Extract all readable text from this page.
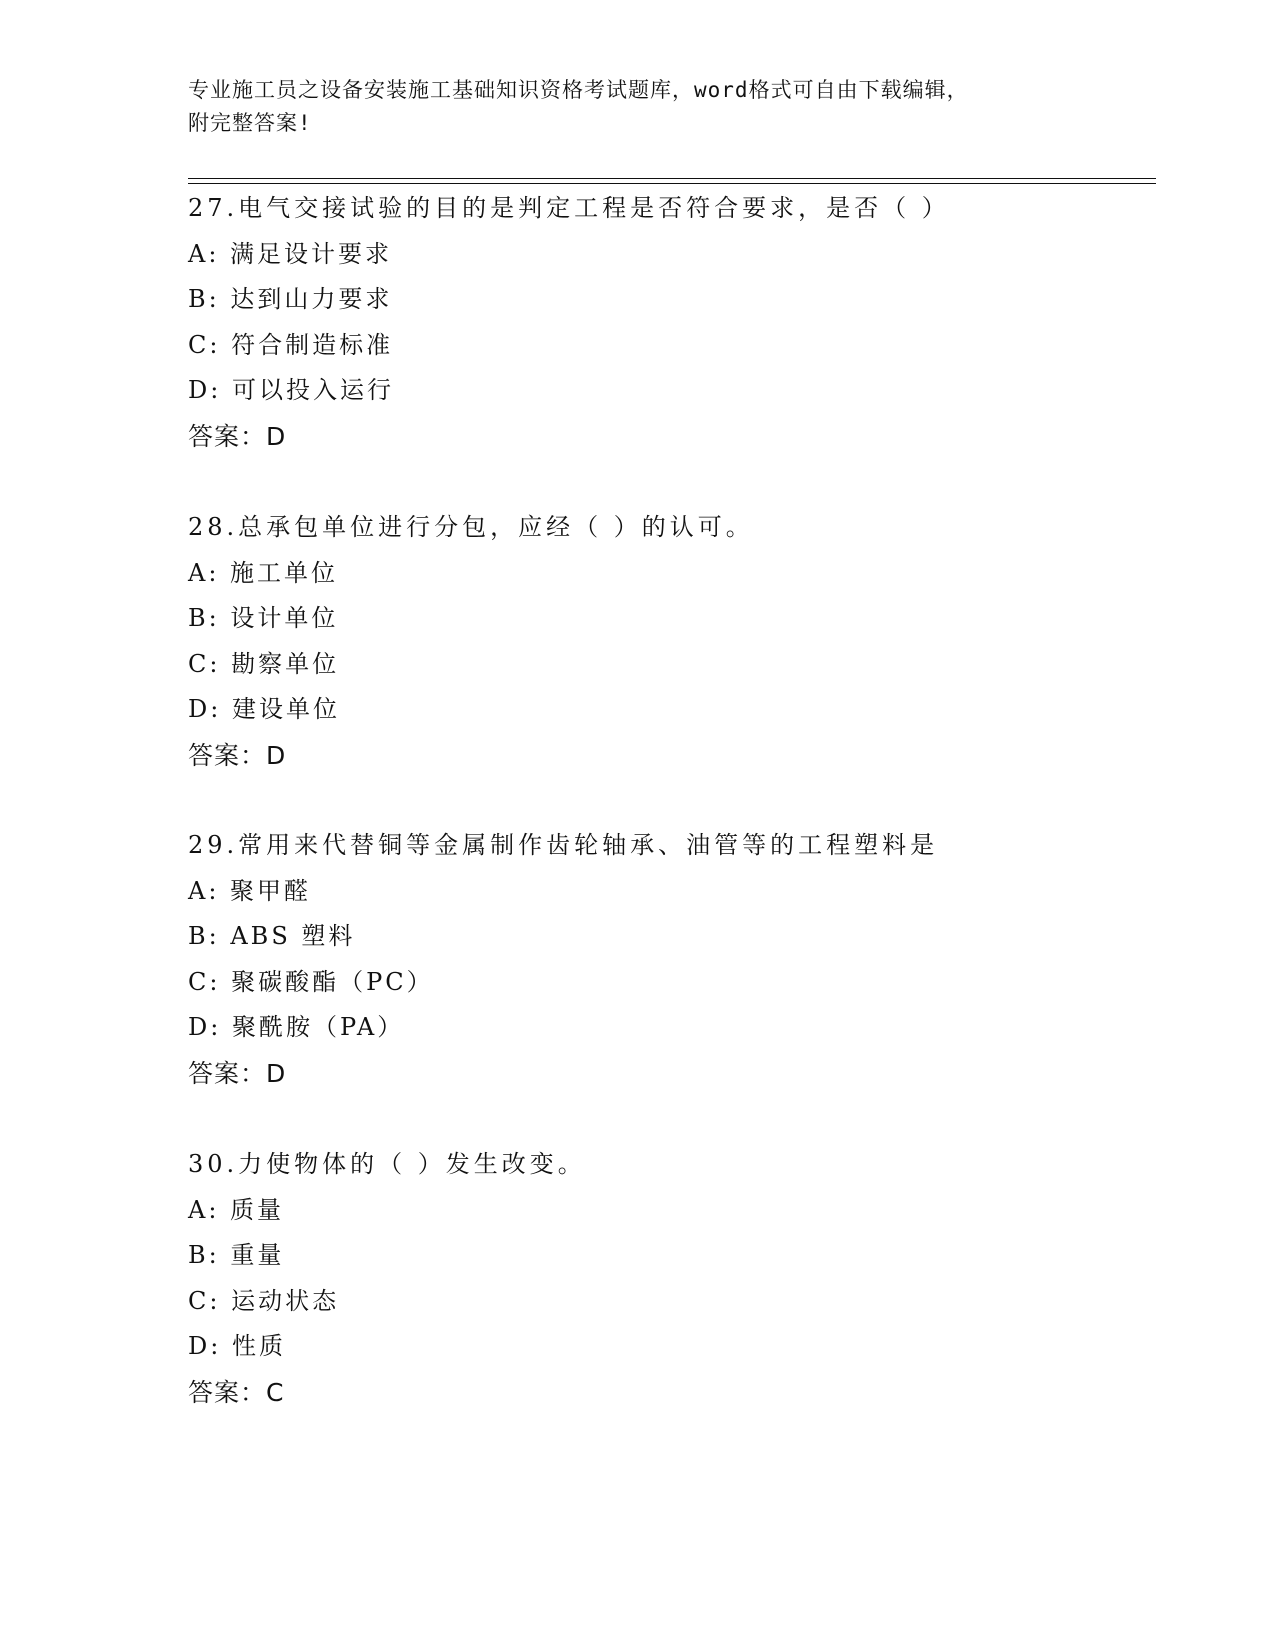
专业施工员之设备安装施工基础知识资格考试题库，word格式可自由下载编辑，
附完整答案!
27.电气交接试验的目的是判定工程是否符合要求，是否（ ）
A: 满足设计要求
B: 达到山力要求
C: 符合制造标准
D: 可以投入运行
答案：D
28.总承包单位进行分包，应经（ ）的认可。
A: 施工单位
B: 设计单位
C: 勘察单位
D: 建设单位
答案：D
29.常用来代替铜等金属制作齿轮轴承、油管等的工程塑料是
A: 聚甲醛
B: ABS 塑料
C: 聚碳酸酯（PC）
D: 聚酰胺（PA）
答案：D
30.力使物体的（ ）发生改变。
A: 质量
B: 重量
C: 运动状态
D: 性质
答案：C
